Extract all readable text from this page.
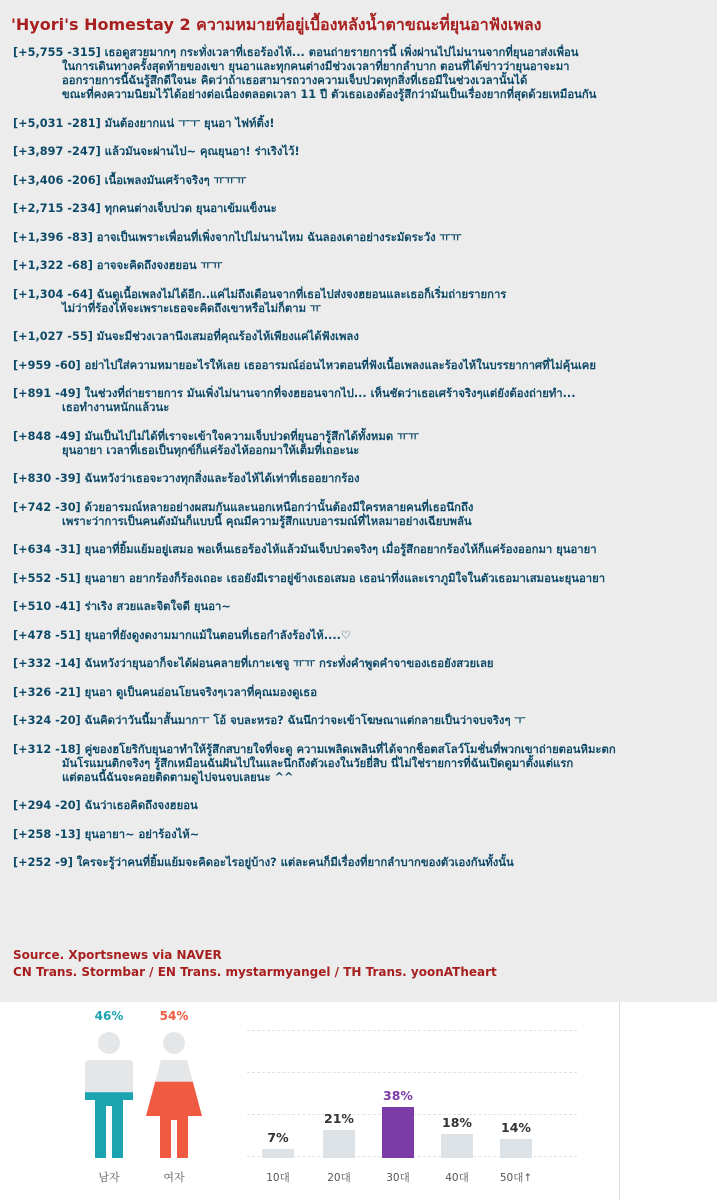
'Hyori's Homestay 2 ความหมายที่อยู่เบื้องหลังน้ำตาขณะที่ยุนอาฟังเพลง
[+5,755 -315] เธอดูสวยมากๆ กระทั่งเวลาที่เธอร้องไห้... ตอนถ่ายรายการนี้ เพิ่งผ่านไปไม่นานจากที่ยุนอาส่งเพื่อน
ในการเดินทางครั้งสุดท้ายของเขา ยุนอาและทุกคนต่างมีช่วงเวลาที่ยากลำบาก ตอนที่ได้ข่าวว่ายุนอาจะมา
ออกรายการนี้ฉันรู้สึกดีใจนะ คิดว่าถ้าเธอสามารถวางความเจ็บปวดทุกสิ่งที่เธอมีในช่วงเวลานั้นได้
ขณะที่คงความนิยมไว้ได้อย่างต่อเนื่องตลอดเวลา 11 ปี ตัวเธอเองต้องรู้สึกว่ามันเป็นเรื่องยากที่สุดด้วยเหมือนกัน
[+5,031 -281] มันต้องยากแน่ ㅜㅜ ยุนอา ไฟท์ติ้ง!
[+3,897 -247] แล้วมันจะผ่านไป~ คุณยุนอา! ร่าเริงไว้!
[+3,406 -206] เนื้อเพลงมันเศร้าจริงๆ ㅠㅠㅠ
[+2,715 -234] ทุกคนต่างเจ็บปวด ยุนอาเข้มแข็งนะ
[+1,396 -83] อาจเป็นเพราะเพื่อนที่เพิ่งจากไปไม่นานไหม ฉันลองเดาอย่างระมัดระวัง ㅠㅠ
[+1,322 -68] อาจจะคิดถึงจงฮยอน ㅠㅠ
[+1,304 -64] ฉันดูเนื้อเพลงไม่ได้อีก..แค่ไม่ถึงเดือนจากที่เธอไปส่งจงฮยอนและเธอก็เริ่มถ่ายรายการ
ไม่ว่าที่ร้องไห้จะเพราะเธอจะคิดถึงเขาหรือไม่ก็ตาม ㅠ
[+1,027 -55] มันจะมีช่วงเวลานึงเสมอที่คุณร้องไห้เพียงแค่ได้ฟังเพลง
[+959 -60] อย่าไปใส่ความหมายอะไรให้เลย เธออารมณ์อ่อนไหวตอนที่ฟังเนื้อเพลงและร้องไห้ในบรรยากาศที่ไม่คุ้นเคย
[+891 -49] ในช่วงที่ถ่ายรายการ มันเพิ่งไม่นานจากที่จงฮยอนจากไป... เห็นชัดว่าเธอเศร้าจริงๆแต่ยังต้องถ่ายทำ...
เธอทำงานหนักแล้วนะ
[+848 -49] มันเป็นไปไม่ได้ที่เราจะเข้าใจความเจ็บปวดที่ยุนอารู้สึกได้ทั้งหมด ㅠㅠ
ยุนอายา เวลาที่เธอเป็นทุกข์ก็แค่ร้องไห้ออกมาให้เต็มที่เถอะนะ
[+830 -39] ฉันหวังว่าเธอจะวางทุกสิ่งและร้องไห้ได้เท่าที่เธออยากร้อง
[+742 -30] ด้วยอารมณ์หลายอย่างผสมกันและนอกเหนือกว่านั้นต้องมีใครหลายคนที่เธอนึกถึง
เพราะว่าการเป็นคนดังมันก็แบบนี้ คุณมีความรู้สึกแบบอารมณ์ที่ไหลมาอย่างเฉียบพลัน
[+634 -31] ยุนอาที่ยิ้มแย้มอยู่เสมอ พอเห็นเธอร้องไห้แล้วมันเจ็บปวดจริงๆ เมื่อรู้สึกอยากร้องไห้ก็แค่ร้องออกมา ยุนอายา
[+552 -51] ยุนอายา อยากร้องก็ร้องเถอะ เธอยังมีเราอยู่ข้างเธอเสมอ เธอน่าทึ่งและเราภูมิใจในตัวเธอมาเสมอนะยุนอายา
[+510 -41] ร่าเริง สวยและจิตใจดี ยุนอา~
[+478 -51] ยุนอาที่ยังดูงดงามมากแม้ในตอนที่เธอกำลังร้องไห้....♡
[+332 -14] ฉันหวังว่ายุนอาก็จะได้ผ่อนคลายที่เกาะเชจู ㅠㅠ กระทั่งคำพูดคำจาของเธอยังสวยเลย
[+326 -21] ยุนอา ดูเป็นคนอ่อนโยนจริงๆเวลาที่คุณมองดูเธอ
[+324 -20] ฉันคิดว่าวันนี้มาสั้นมากㅜ โอ้ จบละหรอ? ฉันนึกว่าจะเข้าโฆษณาแต่กลายเป็นว่าจบจริงๆ ㅜ
[+312 -18] คู่ของฮโยริกับยุนอาทำให้รู้สึกสบายใจที่จะดู ความเพลิดเพลินที่ได้จากช็อตสโลว์โมชั่นที่พวกเขาถ่ายตอนหิมะตก
มันโรแมนติกจริงๆ รู้สึกเหมือนฉันฝันไปในและนึกถึงตัวเองในวัยยี่สิบ นี่ไม่ใช่รายการที่ฉันเปิดดูมาตั้งแต่แรก
แต่ตอนนี้ฉันจะคอยติดตามดูไปจนจบเลยนะ ^^
[+294 -20] ฉันว่าเธอคิดถึงจงฮยอน
[+258 -13] ยุนอายา~ อย่าร้องไห้~
[+252 -9] ใครจะรู้ว่าคนที่ยิ้มแย้มจะคิดอะไรอยู่บ้าง? แต่ละคนก็มีเรื่องที่ยากลำบากของตัวเองกันทั้งนั้น
Source. Xportsnews via NAVER
CN Trans. Stormbar / EN Trans. mystarmyangel / TH Trans. yoonATheart
46%
남자
54%
여자
7%
10대
21%
20대
38%
30대
18%
40대
14%
50대↑
